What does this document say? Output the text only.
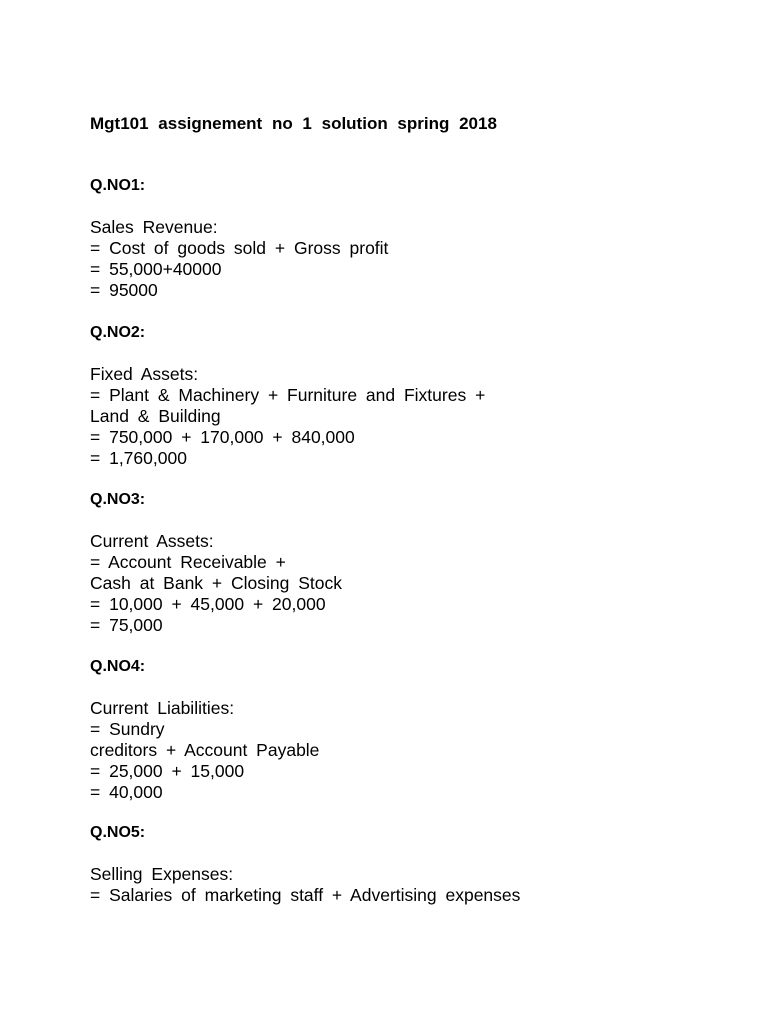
Mgt101 assignement no 1 solution spring 2018
Q.NO1:
Sales Revenue:
= Cost of goods sold + Gross profit
= 55,000+40000
= 95000
Q.NO2:
Fixed Assets:
= Plant & Machinery + Furniture and Fixtures +
Land & Building
= 750,000 + 170,000 + 840,000
= 1,760,000
Q.NO3:
Current Assets:
= Account Receivable +
Cash at Bank + Closing Stock
= 10,000 + 45,000 + 20,000
= 75,000
Q.NO4:
Current Liabilities:
= Sundry
creditors + Account Payable
= 25,000 + 15,000
= 40,000
Q.NO5:
Selling Expenses:
= Salaries of marketing staff + Advertising expenses
